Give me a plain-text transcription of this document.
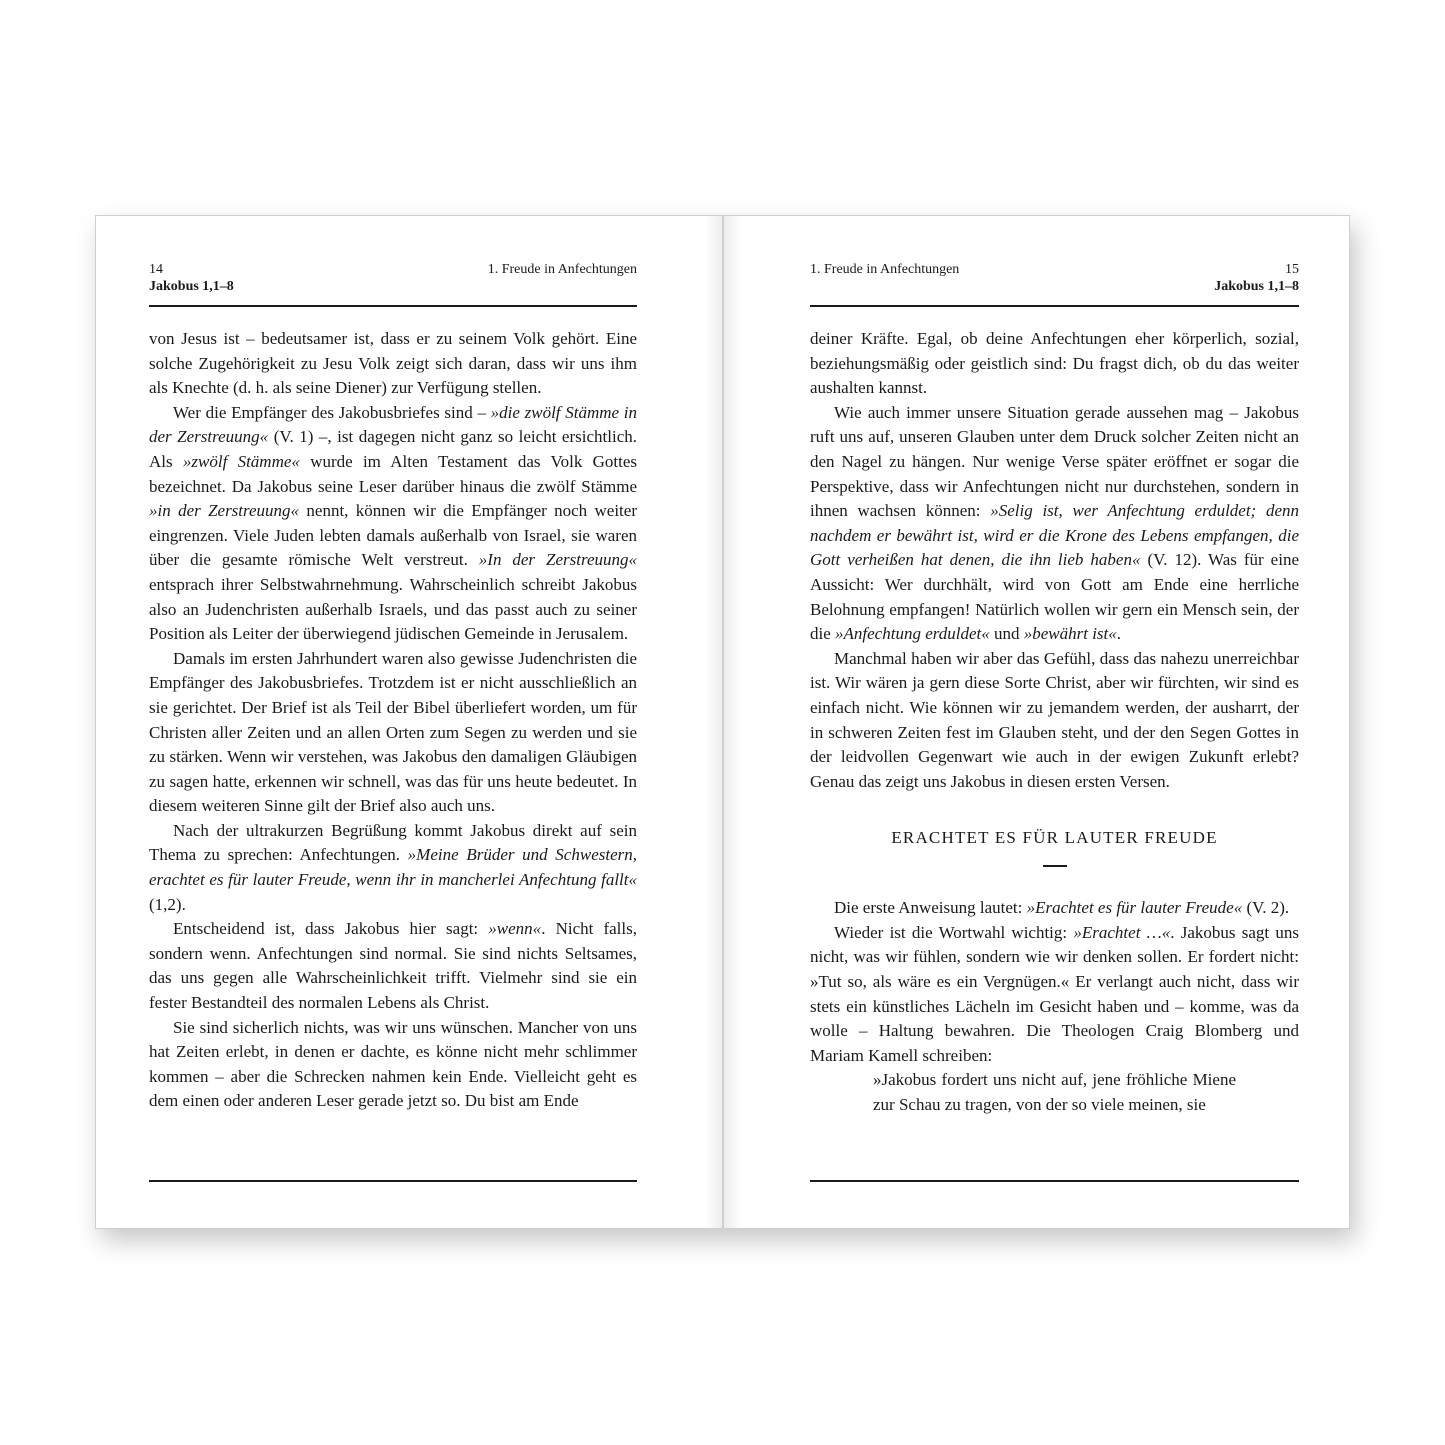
14	1. Freude in Anfechtungen
Jakobus 1,1–8

von Jesus ist – bedeutsamer ist, dass er zu seinem Volk gehört. Eine solche Zugehörigkeit zu Jesu Volk zeigt sich daran, dass wir uns ihm als Knechte (d. h. als seine Diener) zur Verfügung stellen.

Wer die Empfänger des Jakobusbriefes sind – »die zwölf Stämme in der Zerstreuung« (V. 1) –, ist dagegen nicht ganz so leicht ersichtlich. Als »zwölf Stämme« wurde im Alten Testament das Volk Gottes bezeichnet. Da Jakobus seine Leser darüber hinaus die zwölf Stämme »in der Zerstreuung« nennt, können wir die Empfänger noch weiter eingrenzen. Viele Juden lebten damals außerhalb von Israel, sie waren über die gesamte römische Welt verstreut. »In der Zerstreuung« entsprach ihrer Selbstwahrnehmung. Wahrscheinlich schreibt Jakobus also an Judenchristen außerhalb Israels, und das passt auch zu seiner Position als Leiter der überwiegend jüdischen Gemeinde in Jerusalem.

Damals im ersten Jahrhundert waren also gewisse Judenchristen die Empfänger des Jakobusbriefes. Trotzdem ist er nicht ausschließlich an sie gerichtet. Der Brief ist als Teil der Bibel überliefert worden, um für Christen aller Zeiten und an allen Orten zum Segen zu werden und sie zu stärken. Wenn wir verstehen, was Jakobus den damaligen Gläubigen zu sagen hatte, erkennen wir schnell, was das für uns heute bedeutet. In diesem weiteren Sinne gilt der Brief also auch uns.

Nach der ultrakurzen Begrüßung kommt Jakobus direkt auf sein Thema zu sprechen: Anfechtungen. »Meine Brüder und Schwestern, erachtet es für lauter Freude, wenn ihr in mancherlei Anfechtung fallt« (1,2).

Entscheidend ist, dass Jakobus hier sagt: »wenn«. Nicht falls, sondern wenn. Anfechtungen sind normal. Sie sind nichts Seltsames, das uns gegen alle Wahrscheinlichkeit trifft. Vielmehr sind sie ein fester Bestandteil des normalen Lebens als Christ.

Sie sind sicherlich nichts, was wir uns wünschen. Mancher von uns hat Zeiten erlebt, in denen er dachte, es könne nicht mehr schlimmer kommen – aber die Schrecken nahmen kein Ende. Vielleicht geht es dem einen oder anderen Leser gerade jetzt so. Du bist am Ende

1. Freude in Anfechtungen	15
Jakobus 1,1–8

deiner Kräfte. Egal, ob deine Anfechtungen eher körperlich, sozial, beziehungsmäßig oder geistlich sind: Du fragst dich, ob du das weiter aushalten kannst.

Wie auch immer unsere Situation gerade aussehen mag – Jakobus ruft uns auf, unseren Glauben unter dem Druck solcher Zeiten nicht an den Nagel zu hängen. Nur wenige Verse später eröffnet er sogar die Perspektive, dass wir Anfechtungen nicht nur durchstehen, sondern in ihnen wachsen können: »Selig ist, wer Anfechtung erduldet; denn nachdem er bewährt ist, wird er die Krone des Lebens empfangen, die Gott verheißen hat denen, die ihn lieb haben« (V. 12). Was für eine Aussicht: Wer durchhält, wird von Gott am Ende eine herrliche Belohnung empfangen! Natürlich wollen wir gern ein Mensch sein, der die »Anfechtung erduldet« und »bewährt ist«.

Manchmal haben wir aber das Gefühl, dass das nahezu unerreichbar ist. Wir wären ja gern diese Sorte Christ, aber wir fürchten, wir sind es einfach nicht. Wie können wir zu jemandem werden, der ausharrt, der in schweren Zeiten fest im Glauben steht, und der den Segen Gottes in der leidvollen Gegenwart wie auch in der ewigen Zukunft erlebt? Genau das zeigt uns Jakobus in diesen ersten Versen.

ERACHTET ES FÜR LAUTER FREUDE

Die erste Anweisung lautet: »Erachtet es für lauter Freude« (V. 2).

Wieder ist die Wortwahl wichtig: »Erachtet …«. Jakobus sagt uns nicht, was wir fühlen, sondern wie wir denken sollen. Er fordert nicht: »Tut so, als wäre es ein Vergnügen.« Er verlangt auch nicht, dass wir stets ein künstliches Lächeln im Gesicht haben und – komme, was da wolle – Haltung bewahren. Die Theologen Craig Blomberg und Mariam Kamell schreiben:

»Jakobus fordert uns nicht auf, jene fröhliche Miene zur Schau zu tragen, von der so viele meinen, sie
